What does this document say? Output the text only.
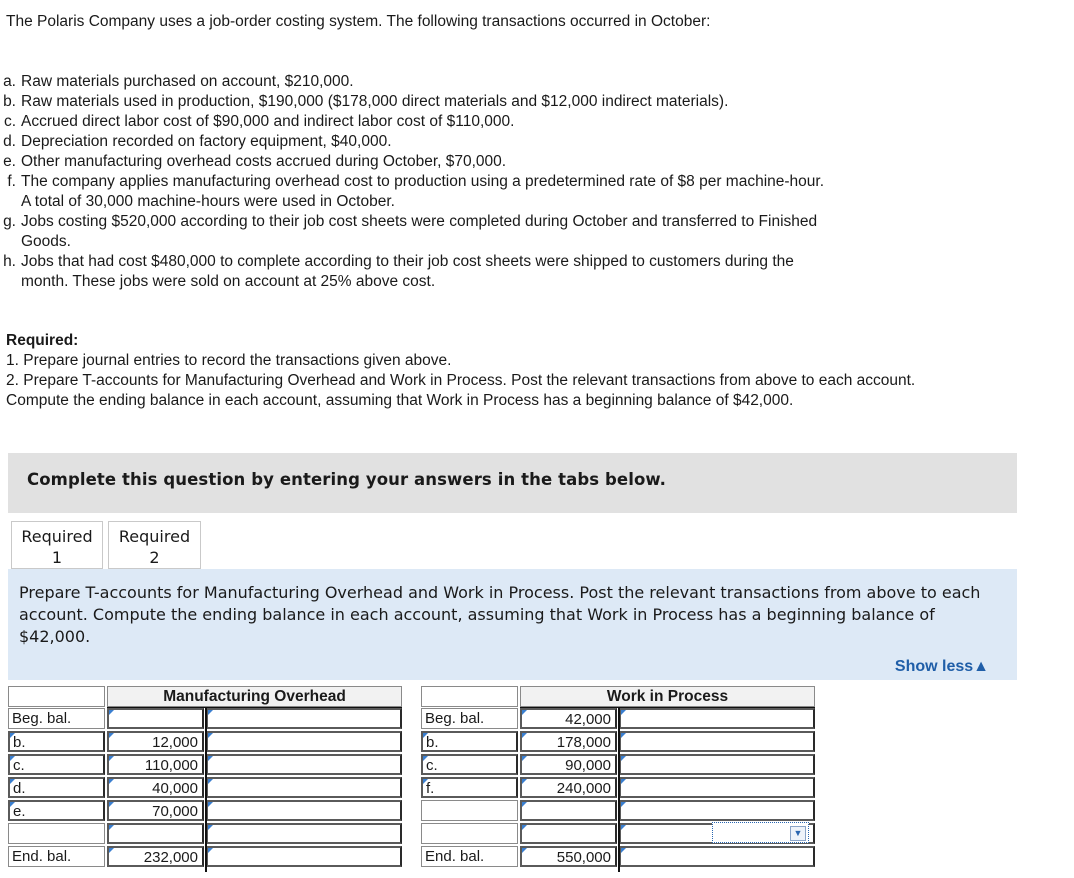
The Polaris Company uses a job-order costing system. The following transactions occurred in October:
a. Raw materials purchased on account, $210,000.
b. Raw materials used in production, $190,000 ($178,000 direct materials and $12,000 indirect materials).
c. Accrued direct labor cost of $90,000 and indirect labor cost of $110,000.
d. Depreciation recorded on factory equipment, $40,000.
e. Other manufacturing overhead costs accrued during October, $70,000.
f. The company applies manufacturing overhead cost to production using a predetermined rate of $8 per machine-hour.
A total of 30,000 machine-hours were used in October.
g. Jobs costing $520,000 according to their job cost sheets were completed during October and transferred to Finished
Goods.
h. Jobs that had cost $480,000 to complete according to their job cost sheets were shipped to customers during the
month. These jobs were sold on account at 25% above cost.
Required:
1. Prepare journal entries to record the transactions given above.
2. Prepare T-accounts for Manufacturing Overhead and Work in Process. Post the relevant transactions from above to each account. Compute the ending balance in each account, assuming that Work in Process has a beginning balance of $42,000.
Complete this question by entering your answers in the tabs below.
Required
1
Required
2
Prepare T-accounts for Manufacturing Overhead and Work in Process. Post the relevant transactions from above to each account. Compute the ending balance in each account, assuming that Work in Process has a beginning balance of $42,000.
Show less▲
Manufacturing Overhead
Beg. bal.
b.	12,000
c.	110,000
d.	40,000
e.	70,000
End. bal.	232,000
Work in Process
Beg. bal.	42,000
b.	178,000
c.	90,000
f.	240,000
End. bal.	550,000
▼
